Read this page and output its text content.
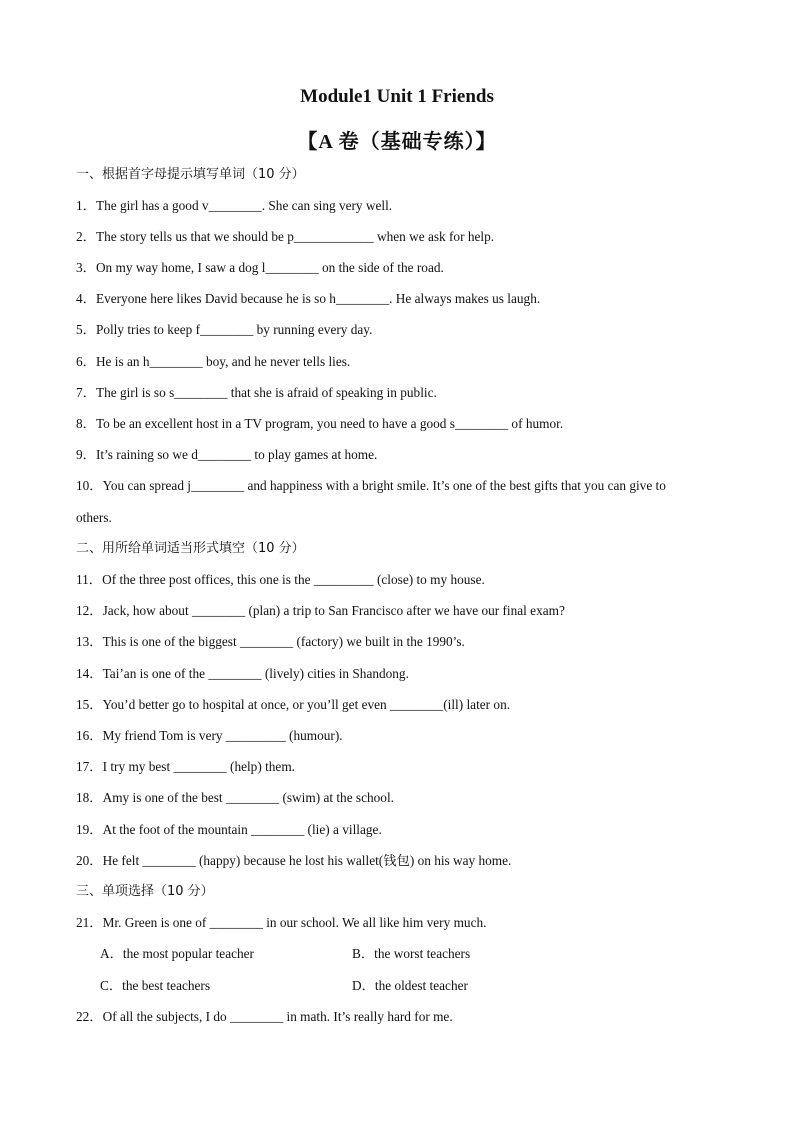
Module1 Unit 1 Friends
【A 卷（基础专练）】
一、根据首字母提示填写单词（10 分）
1．The girl has a good v________. She can sing very well.
2．The story tells us that we should be p____________ when we ask for help.
3．On my way home, I saw a dog l________ on the side of the road.
4．Everyone here likes David because he is so h________. He always makes us laugh.
5．Polly tries to keep f________ by running every day.
6．He is an h________ boy, and he never tells lies.
7．The girl is so s________ that she is afraid of speaking in public.
8．To be an excellent host in a TV program, you need to have a good s________ of humor.
9．It’s raining so we d________ to play games at home.
10．You can spread j________ and happiness with a bright smile. It’s one of the best gifts that you can give to
others.
二、用所给单词适当形式填空（10 分）
11．Of the three post offices, this one is the _________ (close) to my house.
12．Jack, how about ________ (plan) a trip to San Francisco after we have our final exam?
13．This is one of the biggest ________ (factory) we built in the 1990’s.
14．Tai’an is one of the ________ (lively) cities in Shandong.
15．You’d better go to hospital at once, or you’ll get even ________(ill) later on.
16．My friend Tom is very _________ (humour).
17．I try my best ________ (help) them.
18．Amy is one of the best ________ (swim) at the school.
19．At the foot of the mountain ________ (lie) a village.
20．He felt ________ (happy) because he lost his wallet(钱包) on his way home.
三、单项选择（10 分）
21．Mr. Green is one of ________ in our school. We all like him very much.
A．the most popular teacher	B．the worst teachers
C．the best teachers	D．the oldest teacher
22．Of all the subjects, I do ________ in math. It’s really hard for me.
